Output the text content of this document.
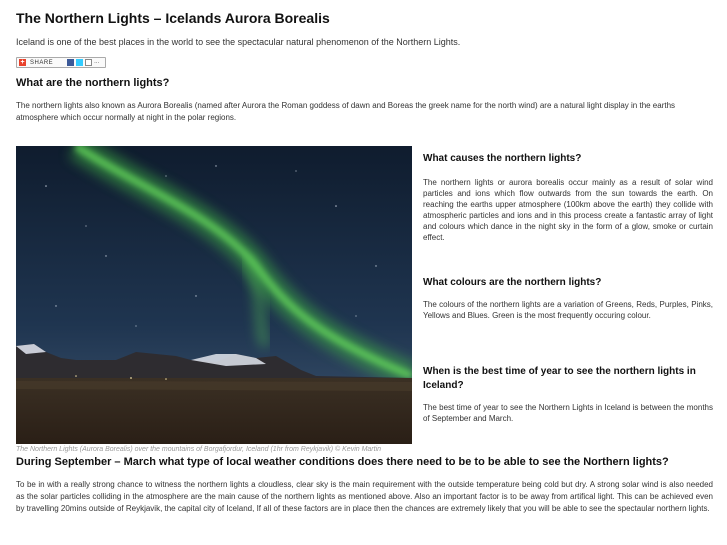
The Northern Lights – Icelands Aurora Borealis
Iceland is one of the best places in the world to see the spectacular natural phenomenon of the Northern Lights.
+ SHARE	...
What are the northern lights?

The northern lights also known as Aurora Borealis (named after Aurora the Roman goddess of dawn and Boreas the greek name for the north wind) are a natural light display in the earths atmosphere which occur normally at night in the polar regions.

The Northern Lights (Aurora Borealis) over the mountains of Borgafjordur, Iceland (1hr from Reykjavik) © Kevin Martin
What causes the northern lights?

The northern lights or aurora borealis occur mainly as a result of solar wind particles and ions which flow outwards from the sun towards the earth. On reaching the earths upper atmosphere (100km above the earth) they collide with atmospheric particles and ions and in this process create a fantastic array of light and colours which dance in the night sky in the form of a glow, smoke or curtain effect.

What colours are the northern lights?

The colours of the northern lights are a variation of Greens, Reds, Purples, Pinks, Yellows and Blues. Green is the most frequently occuring colour.

When is the best time of year to see the northern lights in Iceland?

The best time of year to see the Northern Lights in Iceland is between the months of September and March.

During September – March what type of local weather conditions does there need to be to be able to see the Northern lights?

To be in with a really strong chance to witness the northern lights a cloudless, clear sky is the main requirement with the outside temperature being cold but dry. A strong solar wind is also needed as the solar particles colliding in the atmosphere are the main cause of the northern lights as mentioned above. Also an important factor is to be away from artifical light. This can be achieved even by travelling 20mins outside of Reykjavik, the capital city of Iceland, If all of these factors are in place then the chances are extremely likely that you will be able to see the spectaular northern lights.
